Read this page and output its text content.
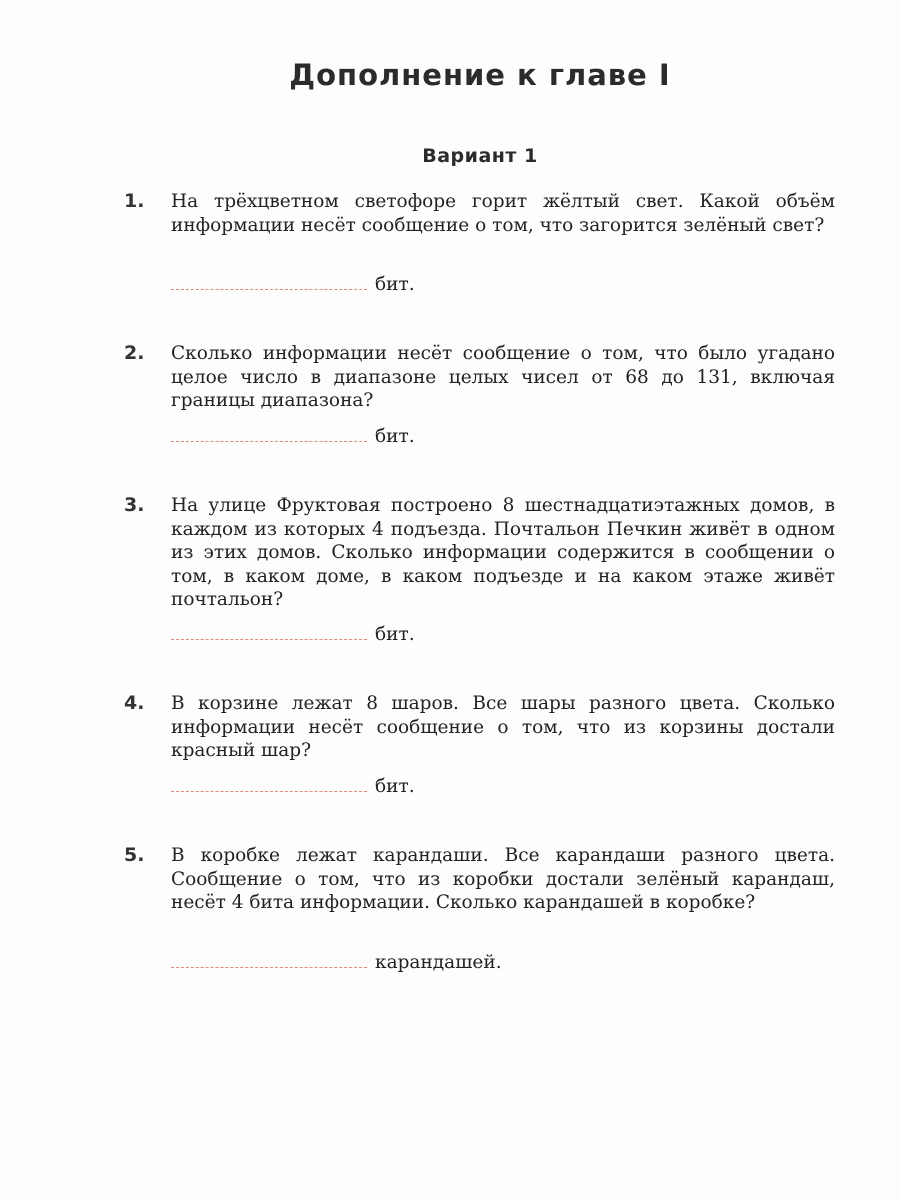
Дополнение к главе I
Вариант 1
1. На трёхцветном светофоре горит жёлтый свет. Какой объём информации несёт сообщение о том, что загорится зелёный свет?

бит.
2. Сколько информации несёт сообщение о том, что было угадано целое число в диапазоне целых чисел от 68 до 131, включая границы диапазона?

бит.
3. На улице Фруктовая построено 8 шестнадцатиэтажных домов, в каждом из которых 4 подъезда. Почтальон Печкин живёт в одном из этих домов. Сколько информации содержится в сообщении о том, в каком доме, в каком подъезде и на каком этаже живёт почтальон?

бит.
4. В корзине лежат 8 шаров. Все шары разного цвета. Сколько информации несёт сообщение о том, что из корзины достали красный шар?

бит.
5. В коробке лежат карандаши. Все карандаши разного цвета. Сообщение о том, что из коробки достали зелёный карандаш, несёт 4 бита информации. Сколько карандашей в коробке?

карандашей.
